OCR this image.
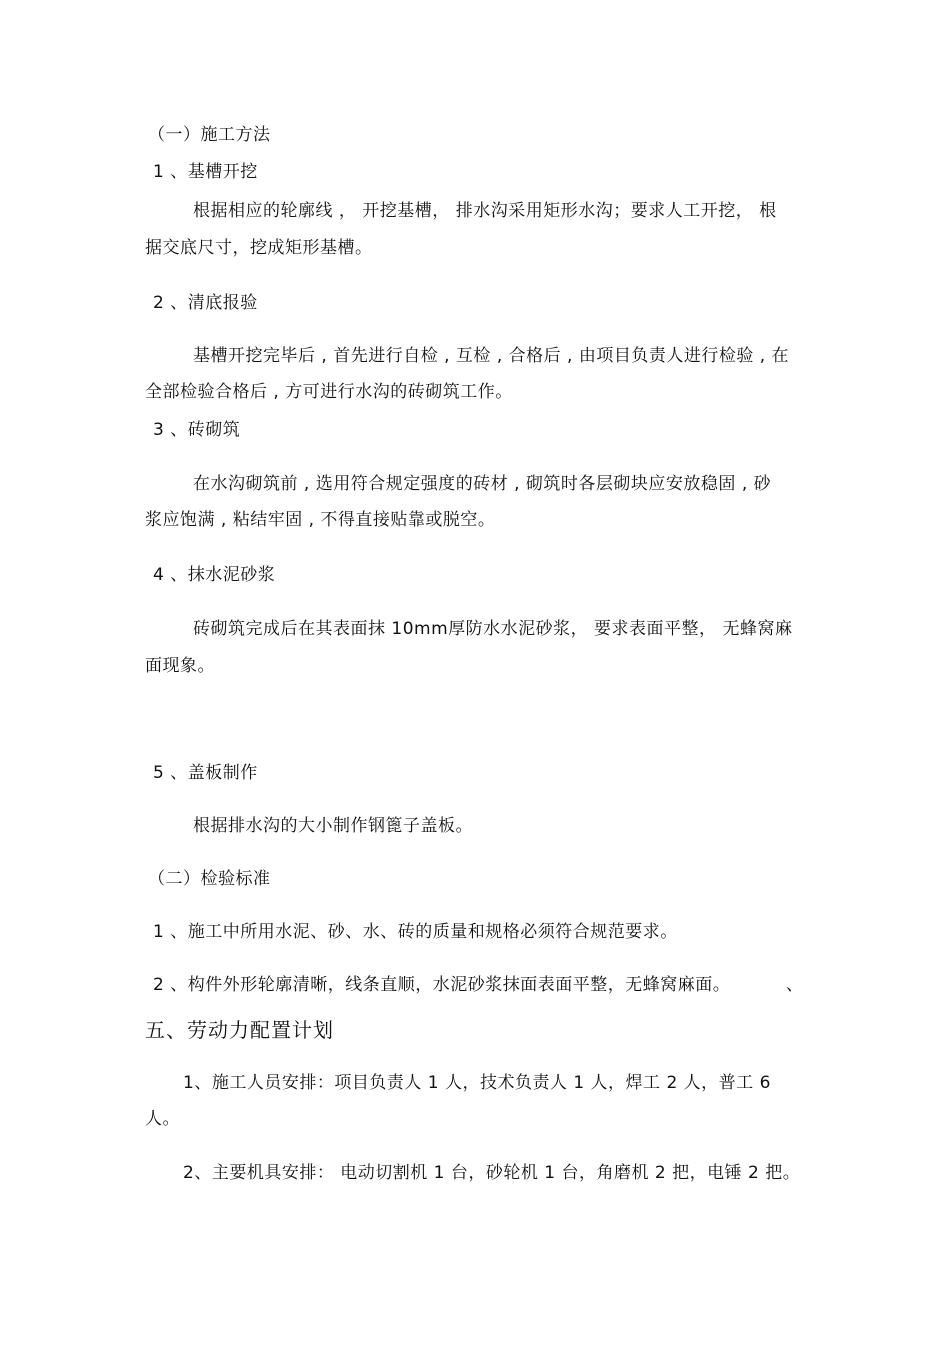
（一）施工方法
1 、基槽开挖
根据相应的轮廓线 ， 开挖基槽， 排水沟采用矩形水沟；要求人工开挖， 根
据交底尺寸，挖成矩形基槽。
2 、清底报验
基槽开挖完毕后 , 首先进行自检 , 互检 , 合格后 , 由项目负责人进行检验 , 在
全部检验合格后 , 方可进行水沟的砖砌筑工作。
3 、砖砌筑
在水沟砌筑前 , 选用符合规定强度的砖材 , 砌筑时各层砌块应安放稳固 , 砂
浆应饱满 , 粘结牢固 , 不得直接贴靠或脱空。
4 、抹水泥砂浆
砖砌筑完成后在其表面抹 10mm厚防水水泥砂浆， 要求表面平整， 无蜂窝麻
面现象。
5 、盖板制作
根据排水沟的大小制作钢篦子盖板。
（二）检验标准
1 、施工中所用水泥、砂、水、砖的质量和规格必须符合规范要求。
2 、构件外形轮廓清晰，线条直顺，水泥砂浆抹面表面平整，无蜂窝麻面。	、
五、劳动力配置计划
1、施工人员安排：项目负责人 1 人，技术负责人 1 人，焊工 2 人，普工 6
人。
2、主要机具安排： 电动切割机 1 台，砂轮机 1 台，角磨机 2 把，电锤 2 把。
